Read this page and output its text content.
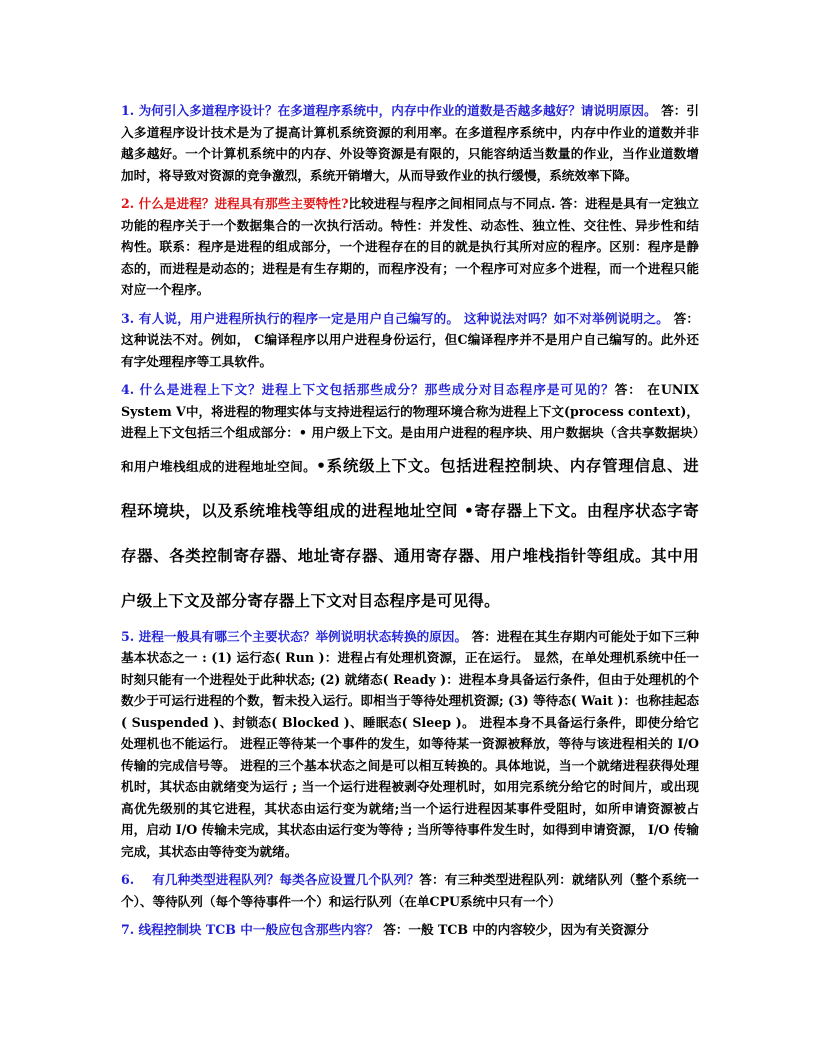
1. 为何引入多道程序设计？在多道程序系统中，内存中作业的道数是否越多越好？请说明原因。 答：引入多道程序设计技术是为了提高计算机系统资源的利用率。在多道程序系统中，内存中作业的道数并非越多越好。一个计算机系统中的内存、外设等资源是有限的，只能容纳适当数量的作业，当作业道数增加时，将导致对资源的竞争激烈，系统开销增大，从而导致作业的执行缓慢，系统效率下降。

2. 什么是进程？进程具有那些主要特性?比较进程与程序之间相同点与不同点. 答：进程是具有一定独立功能的程序关于一个数据集合的一次执行活动。特性：并发性、动态性、独立性、交往性、异步性和结构性。联系：程序是进程的组成部分，一个进程存在的目的就是执行其所对应的程序。区别：程序是静态的，而进程是动态的；进程是有生存期的，而程序没有；一个程序可对应多个进程，而一个进程只能对应一个程序。

3. 有人说，用户进程所执行的程序一定是用户自己编写的。 这种说法对吗？如不对举例说明之。 答：这种说法不对。例如， C编译程序以用户进程身份运行，但C编译程序并不是用户自己编写的。此外还有字处理程序等工具软件。

4. 什么是进程上下文？进程上下文包括那些成分？那些成分对目态程序是可见的？答： 在UNIX System V中，将进程的物理实体与支持进程运行的物理环境合称为进程上下文(process context)，进程上下文包括三个组成部分：• 用户级上下文。是由用户进程的程序块、用户数据块（含共享数据块）和用户堆栈组成的进程地址空间。•系统级上下文。包括进程控制块、内存管理信息、进程环境块，以及系统堆栈等组成的进程地址空间 •寄存器上下文。由程序状态字寄存器、各类控制寄存器、地址寄存器、通用寄存器、用户堆栈指针等组成。其中用户级上下文及部分寄存器上下文对目态程序是可见得。

5. 进程一般具有哪三个主要状态？举例说明状态转换的原因。 答：进程在其生存期内可能处于如下三种基本状态之一 : (1) 运行态( Run )：进程占有处理机资源，正在运行。 显然，在单处理机系统中任一时刻只能有一个进程处于此种状态; (2) 就绪态( Ready )：进程本身具备运行条件，但由于处理机的个数少于可运行进程的个数，暂未投入运行。即相当于等待处理机资源; (3) 等待态( Wait )：也称挂起态( Suspended )、封锁态( Blocked )、睡眠态( Sleep )。 进程本身不具备运行条件，即使分给它处理机也不能运行。 进程正等待某一个事件的发生，如等待某一资源被释放，等待与该进程相关的 I/O 传输的完成信号等。 进程的三个基本状态之间是可以相互转换的。具体地说，当一个就绪进程获得处理机时，其状态由就绪变为运行 ; 当一个运行进程被剥夺处理机时，如用完系统分给它的时间片，或出现高优先级别的其它进程，其状态由运行变为就绪;当一个运行进程因某事件受阻时，如所申请资源被占用，启动 I/O 传输未完成，其状态由运行变为等待 ; 当所等待事件发生时，如得到申请资源， I/O 传输完成，其状态由等待变为就绪。

6.    有几种类型进程队列？每类各应设置几个队列？答：有三种类型进程队列：就绪队列（整个系统一个）、等待队列（每个等待事件一个）和运行队列（在单CPU系统中只有一个）

7. 线程控制块 TCB 中一般应包含那些内容？ 答：一般 TCB 中的内容较少，因为有关资源分
